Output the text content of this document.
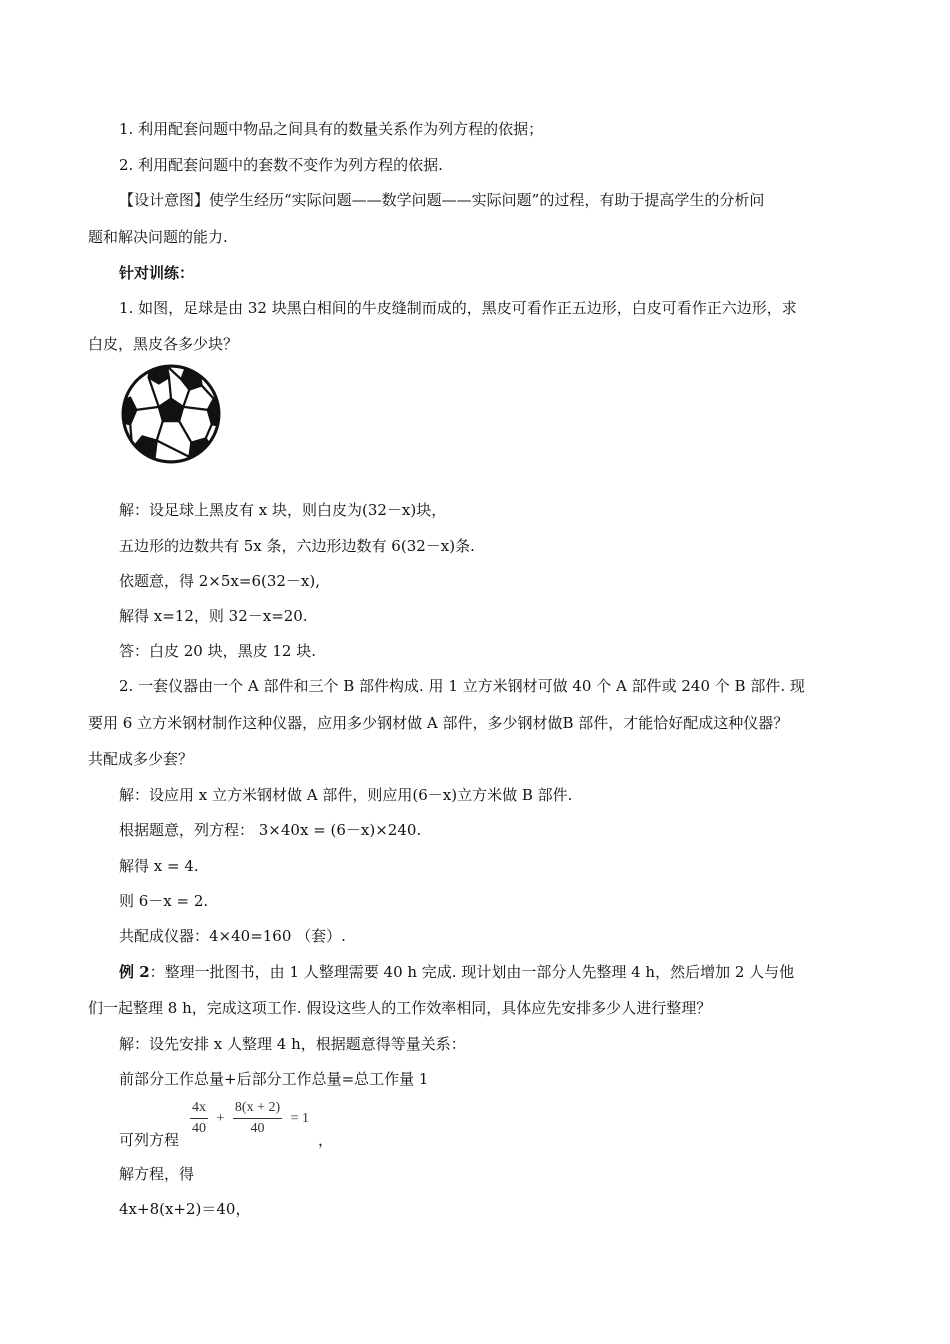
1. 利用配套问题中物品之间具有的数量关系作为列方程的依据；
2. 利用配套问题中的套数不变作为列方程的依据.
【设计意图】使学生经历“实际问题——数学问题——实际问题”的过程，有助于提高学生的分析问
题和解决问题的能力.
针对训练：
1. 如图，足球是由 32 块黑白相间的牛皮缝制而成的，黑皮可看作正五边形，白皮可看作正六边形，求
白皮，黑皮各多少块？
解：设足球上黑皮有 x 块，则白皮为(32－x)块，
五边形的边数共有 5x 条，六边形边数有 6(32－x)条.
依题意，得 2×5x=6(32－x),
解得 x=12，则 32－x=20.
答：白皮 20 块，黑皮 12 块.
2. 一套仪器由一个 A 部件和三个 B 部件构成. 用 1 立方米钢材可做 40 个 A 部件或 240 个 B 部件. 现
要用 6 立方米钢材制作这种仪器，应用多少钢材做 A 部件，多少钢材做B 部件，才能恰好配成这种仪器？
共配成多少套？
解：设应用 x 立方米钢材做 A 部件，则应用(6－x)立方米做 B 部件.
根据题意，列方程： 3×40x = (6－x)×240.
解得 x = 4.
则 6－x = 2.
共配成仪器：4×40=160 （套）.
例 2：整理一批图书，由 1 人整理需要 40 h 完成. 现计划由一部分人先整理 4 h，然后增加 2 人与他
们一起整理 8 h，完成这项工作. 假设这些人的工作效率相同，具体应先安排多少人进行整理？
解：设先安排 x 人整理 4 h，根据题意得等量关系：
前部分工作总量+后部分工作总量=总工作量 1
可列方程
$\frac{4x}{40} + \frac{8(x + 2)}{40} = 1$
，
解方程，得
4x+8(x+2)＝40，
